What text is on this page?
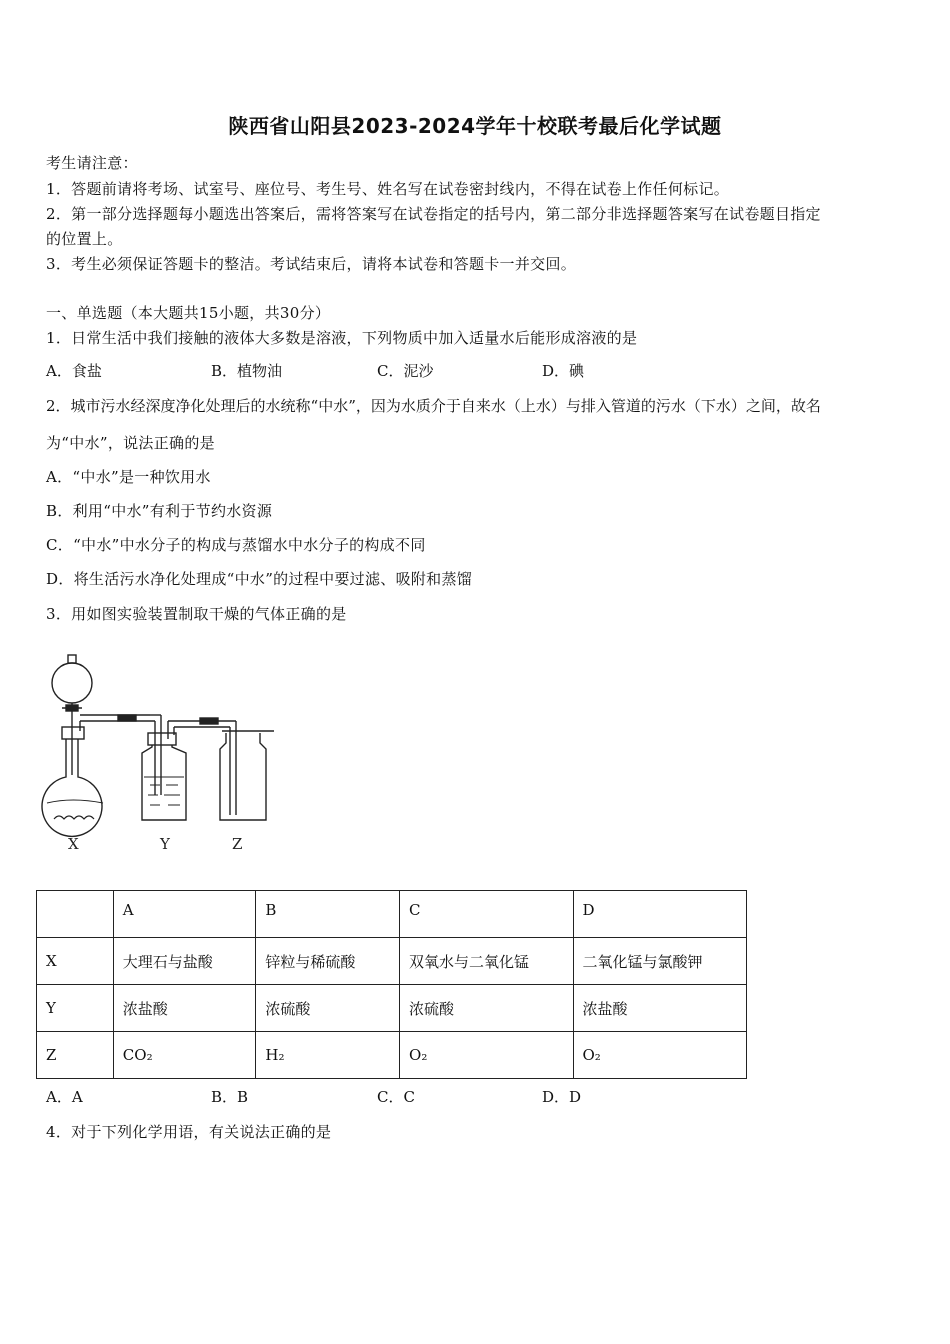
陕西省山阳县2023-2024学年十校联考最后化学试题
考生请注意：
1．答题前请将考场、试室号、座位号、考生号、姓名写在试卷密封线内，不得在试卷上作任何标记。
2．第一部分选择题每小题选出答案后，需将答案写在试卷指定的括号内，第二部分非选择题答案写在试卷题目指定
的位置上。
3．考生必须保证答题卡的整洁。考试结束后，请将本试卷和答题卡一并交回。
一、单选题（本大题共15小题，共30分）
1．日常生活中我们接触的液体大多数是溶液，下列物质中加入适量水后能形成溶液的是
A．食盐	B．植物油	C．泥沙	D．碘
2．城市污水经深度净化处理后的水统称“中水”，因为水质介于自来水（上水）与排入管道的污水（下水）之间，故名
为“中水”，说法正确的是
A．“中水”是一种饮用水
B．利用“中水”有利于节约水资源
C．“中水”中水分子的构成与蒸馏水中水分子的构成不同
D．将生活污水净化处理成“中水”的过程中要过滤、吸附和蒸馏
3．用如图实验装置制取干燥的气体正确的是
X	Y	Z
	A	B	C	D
X	大理石与盐酸	锌粒与稀硫酸	双氧水与二氧化锰	二氧化锰与氯酸钾
Y	浓盐酸	浓硫酸	浓硫酸	浓盐酸
Z	CO₂	H₂	O₂	O₂
A．A	B．B	C．C	D．D
4．对于下列化学用语，有关说法正确的是
